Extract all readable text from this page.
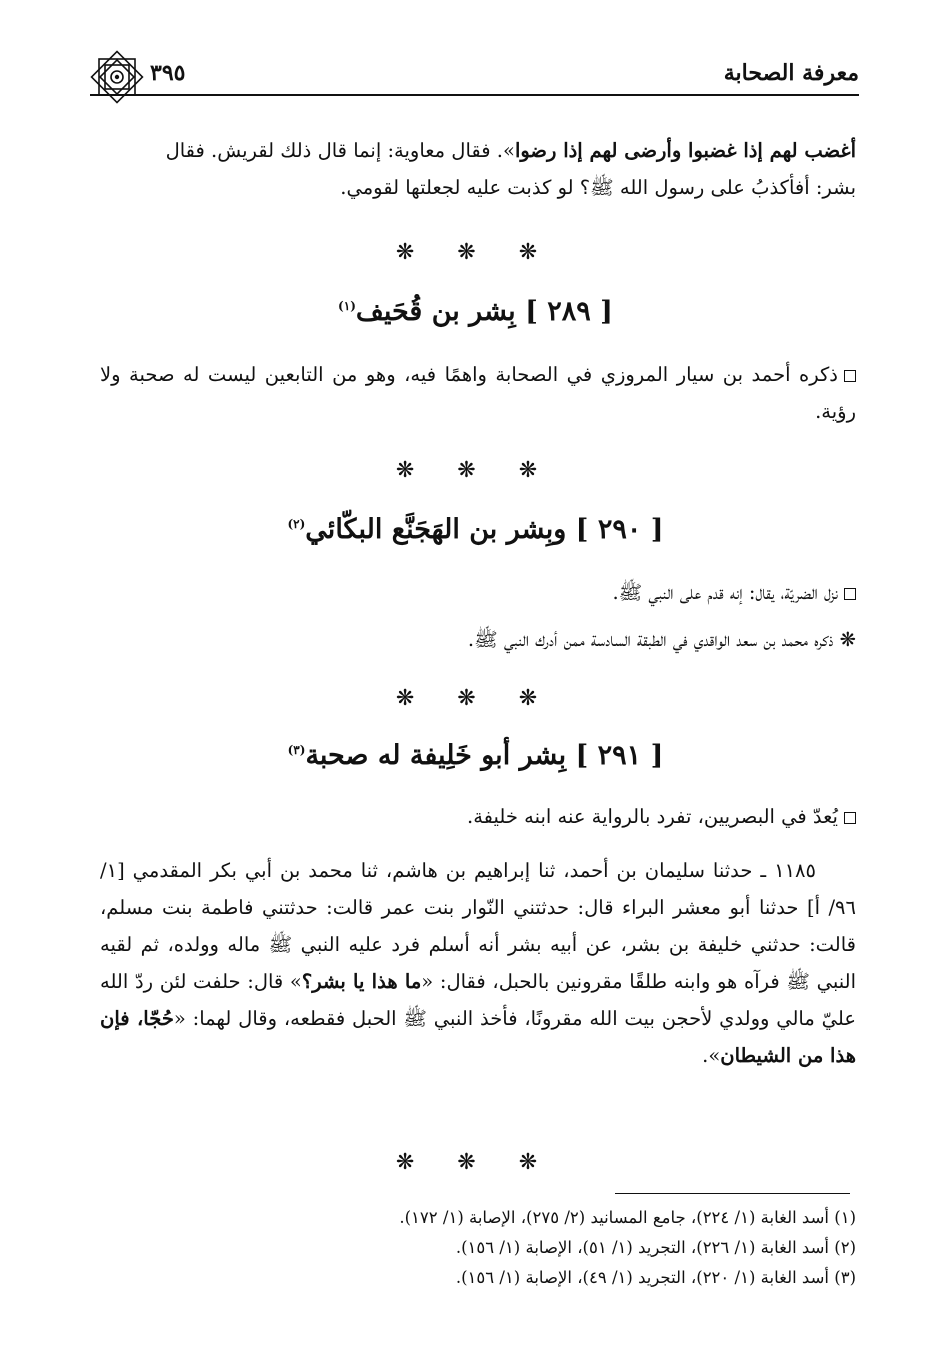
معرفة الصحابة
٣٩٥

أغضب لهم إذا غضبوا وأرضى لهم إذا رضوا». فقال معاوية: إنما قال ذلك لقريش. فقال

بشر: أفأكذبُ على رسول الله ﷺ؟ لو كذبت عليه لجعلتها لقومي.

❋ ❋ ❋
[ ٢٨٩ ] بِشر بن قُحَيف$^{(١)}$

ذكره أحمد بن سيار المروزي في الصحابة واهمًا فيه، وهو من التابعين ليست له صحبة ولا رؤية.

❋ ❋ ❋
[ ٢٩٠ ] وبِشر بن الهَجَنَّع البكّائي$^{(٢)}$

نزل الضريّة، يقال: إنه قدم على النبي ﷺ.

❋ ذكره محمد بن سعد الواقدي في الطبقة السادسة ممن أدرك النبي ﷺ.

❋ ❋ ❋
[ ٢٩١ ] بِشر أبو خَلِيفة له صحبة$^{(٣)}$

يُعدّ في البصريين، تفرد بالرواية عنه ابنه خليفة.

١١٨٥ ـ حدثنا سليمان بن أحمد، ثنا إبراهيم بن هاشم، ثنا محمد بن أبي بكر المقدمي [١/ ٩٦/ أ] حدثنا أبو معشر البراء قال: حدثتني النّوار بنت عمر قالت: حدثتني فاطمة بنت مسلم، قالت: حدثني خليفة بن بشر، عن أبيه بشر أنه أسلم فرد عليه النبي ﷺ ماله وولده، ثم لقيه النبي ﷺ فرآه هو وابنه طلقًا مقرونين بالحبل، فقال: «ما هذا يا بشر؟» قال: حلفت لئن ردّ الله عليّ مالي وولدي لأحجن بيت الله مقرونًا، فأخذ النبي ﷺ الحبل فقطعه، وقال لهما: «حُجّا، فإن هذا من الشيطان».

❋ ❋ ❋

(١) أسد الغابة (١/ ٢٢٤)، جامع المسانيد (٢/ ٢٧٥)، الإصابة (١/ ١٧٢).

(٢) أسد الغابة (١/ ٢٢٦)، التجريد (١/ ٥١)، الإصابة (١/ ١٥٦).

(٣) أسد الغابة (١/ ٢٢٠)، التجريد (١/ ٤٩)، الإصابة (١/ ١٥٦).
